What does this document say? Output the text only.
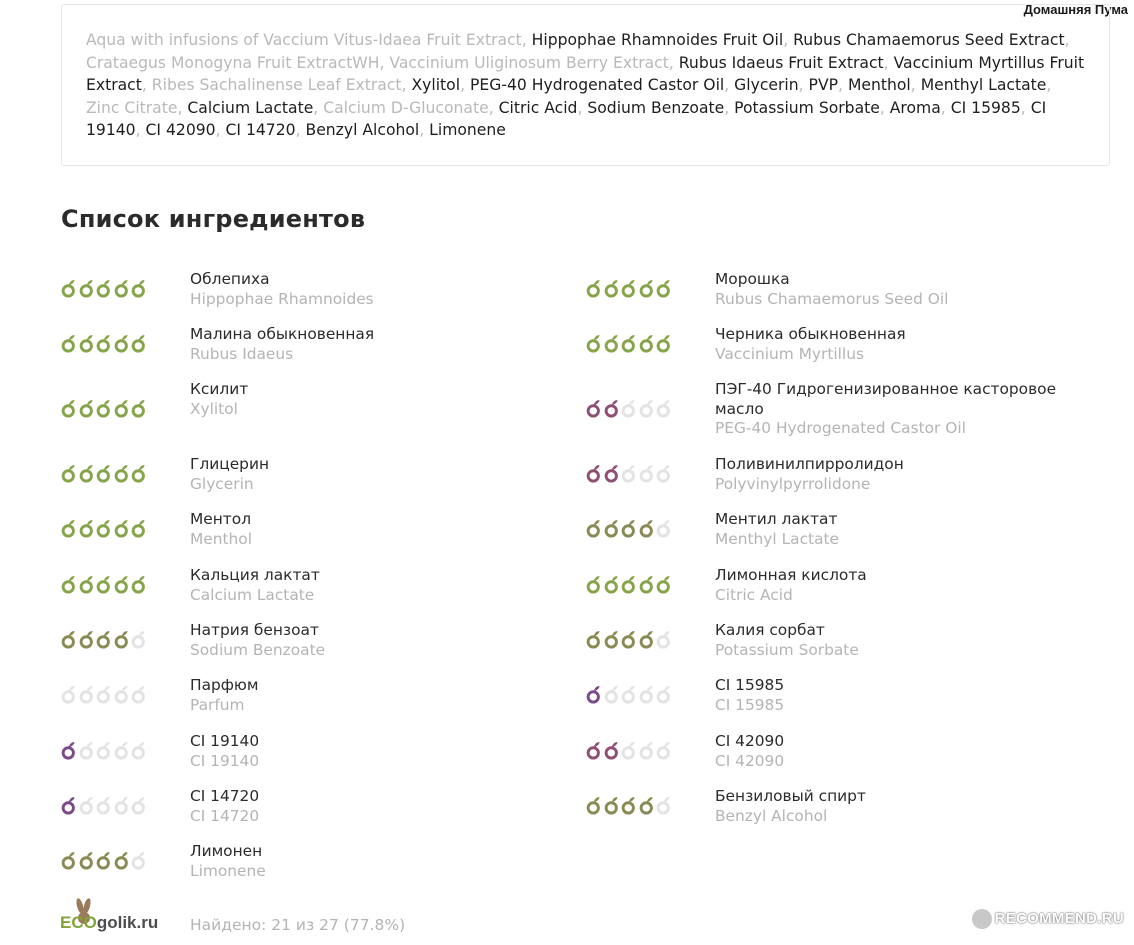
Домашняя Пума
Aqua with infusions of Vaccium Vitus-Idaea Fruit Extract, Hippophae Rhamnoides Fruit Oil, Rubus Chamaemorus Seed Extract, Crataegus Monogyna Fruit ExtractWH, Vaccinium Uliginosum Berry Extract, Rubus Idaeus Fruit Extract, Vaccinium Myrtillus Fruit Extract, Ribes Sachalinense Leaf Extract, Xylitol, PEG-40 Hydrogenated Castor Oil, Glycerin, PVP, Menthol, Menthyl Lactate, Zinc Citrate, Calcium Lactate, Calcium D-Gluconate, Citric Acid, Sodium Benzoate, Potassium Sorbate, Aroma, CI 15985, CI 19140, CI 42090, CI 14720, Benzyl Alcohol, Limonene
Список ингредиентов
Облепиха
Hippophae Rhamnoides
Малина обыкновенная
Rubus Idaeus
Ксилит
Xylitol
Глицерин
Glycerin
Ментол
Menthol
Кальция лактат
Calcium Lactate
Натрия бензоат
Sodium Benzoate
Парфюм
Parfum
CI 19140
CI 19140
CI 14720
CI 14720
Лимонен
Limonene
Морошка
Rubus Chamaemorus Seed Oil
Черника обыкновенная
Vaccinium Myrtillus
ПЭГ-40 Гидрогенизированное касторовое масло
PEG-40 Hydrogenated Castor Oil
Поливинилпирролидон
Polyvinylpyrrolidone
Ментил лактат
Menthyl Lactate
Лимонная кислота
Citric Acid
Калия сорбат
Potassium Sorbate
CI 15985
CI 15985
CI 42090
CI 42090
Бензиловый спирт
Benzyl Alcohol
ECOgolik.ru Найдено: 21 из 27 (77.8%)	RECOMMEND.RU
